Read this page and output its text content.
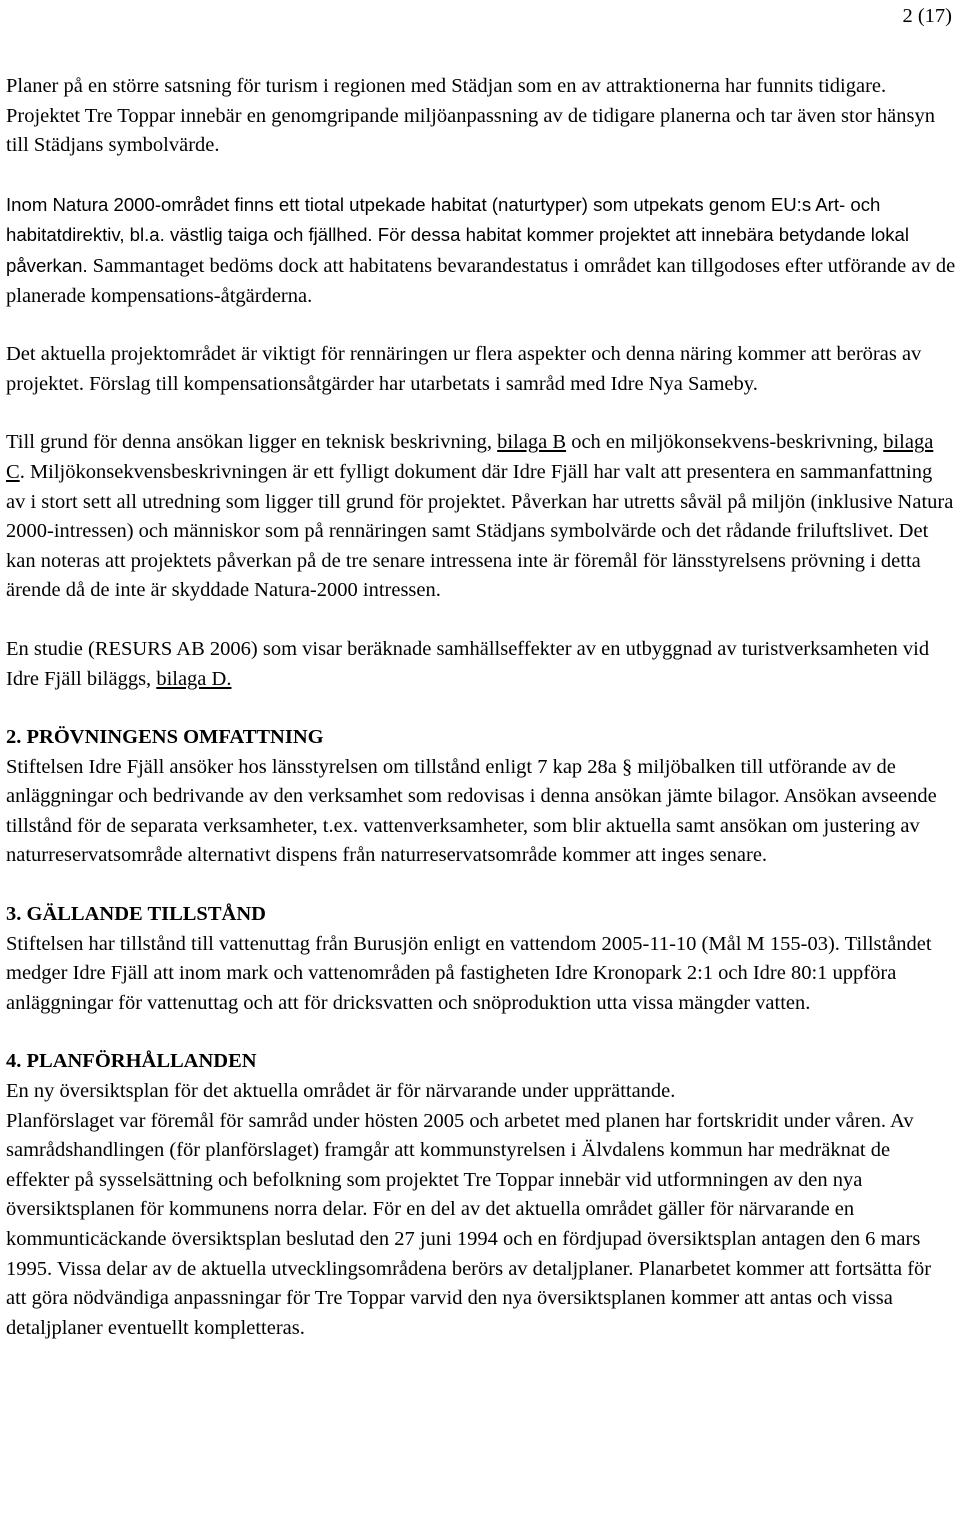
2 (17)

Planer på en större satsning för turism i regionen med Städjan som en av attraktionerna har funnits tidigare. Projektet Tre Toppar innebär en genomgripande miljöanpassning av de tidigare planerna och tar även stor hänsyn till Städjans symbolvärde.

Inom Natura 2000-området finns ett tiotal utpekade habitat (naturtyper) som utpekats genom EU:s Art- och habitatdirektiv, bl.a. västlig taiga och fjällhed. För dessa habitat kommer projektet att innebära betydande lokal påverkan. Sammantaget bedöms dock att habitatens bevarandestatus i området kan tillgodoses efter utförande av de planerade kompensations-åtgärderna.

Det aktuella projektområdet är viktigt för rennäringen ur flera aspekter och denna näring kommer att beröras av projektet. Förslag till kompensationsåtgärder har utarbetats i samråd med Idre Nya Sameby.

Till grund för denna ansökan ligger en teknisk beskrivning, bilaga B och en miljökonsekvens-beskrivning, bilaga C. Miljökonsekvensbeskrivningen är ett fylligt dokument där Idre Fjäll har valt att presentera en sammanfattning av i stort sett all utredning som ligger till grund för projektet. Påverkan har utretts såväl på miljön (inklusive Natura 2000-intressen) och människor som på rennäringen samt Städjans symbolvärde och det rådande friluftslivet. Det kan noteras att projektets påverkan på de tre senare intressena inte är föremål för länsstyrelsens prövning i detta ärende då de inte är skyddade Natura-2000 intressen.

En studie (RESURS AB 2006) som visar beräknade samhällseffekter av en utbyggnad av turistverksamheten vid Idre Fjäll biläggs, bilaga D.

2. PRÖVNINGENS OMFATTNING

Stiftelsen Idre Fjäll ansöker hos länsstyrelsen om tillstånd enligt 7 kap 28a § miljöbalken till utförande av de anläggningar och bedrivande av den verksamhet som redovisas i denna ansökan jämte bilagor. Ansökan avseende tillstånd för de separata verksamheter, t.ex. vattenverksamheter, som blir aktuella samt ansökan om justering av naturreservatsområde alternativt dispens från naturreservatsområde kommer att inges senare.

3. GÄLLANDE TILLSTÅND

Stiftelsen har tillstånd till vattenuttag från Burusjön enligt en vattendom 2005-11-10 (Mål M 155-03). Tillståndet medger Idre Fjäll att inom mark och vattenområden på fastigheten Idre Kronopark 2:1 och Idre 80:1 uppföra anläggningar för vattenuttag och att för dricksvatten och snöproduktion utta vissa mängder vatten.

4. PLANFÖRHÅLLANDEN

En ny översiktsplan för det aktuella området är för närvarande under upprättande.

Planförslaget var föremål för samråd under hösten 2005 och arbetet med planen har fortskridit under våren. Av samrådshandlingen (för planförslaget) framgår att kommunstyrelsen i Älvdalens kommun har medräknat de effekter på sysselsättning och befolkning som projektet Tre Toppar innebär vid utformningen av den nya översiktsplanen för kommunens norra delar. För en del av det aktuella området gäller för närvarande en kommunticäckande översiktsplan beslutad den 27 juni 1994 och en fördjupad översiktsplan antagen den 6 mars 1995. Vissa delar av de aktuella utvecklingsområdena berörs av detaljplaner. Planarbetet kommer att fortsätta för att göra nödvändiga anpassningar för Tre Toppar varvid den nya översiktsplanen kommer att antas och vissa detaljplaner eventuellt kompletteras.
